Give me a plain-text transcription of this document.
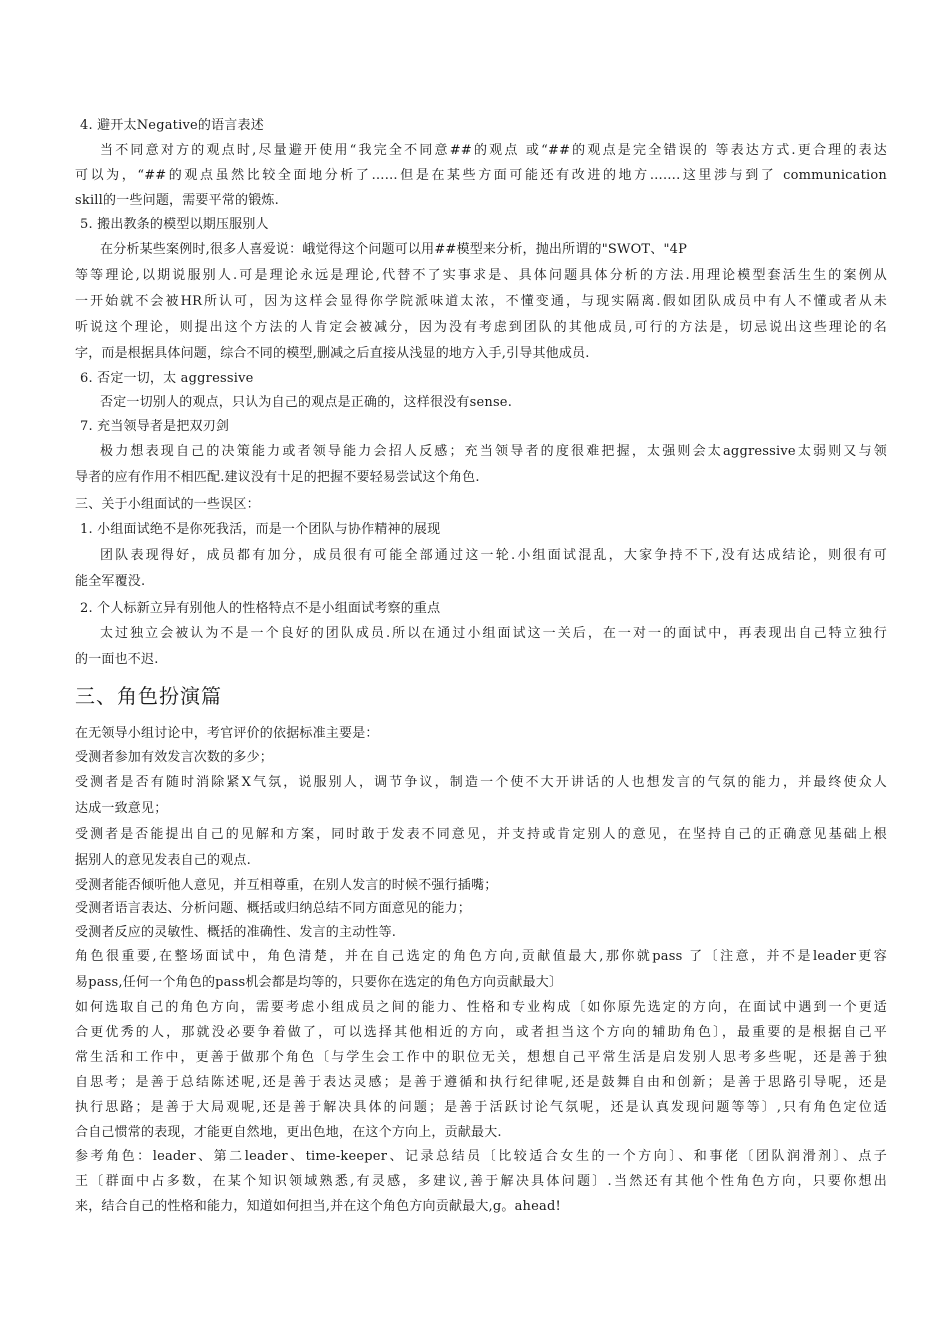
4. 避开太Negative的语言表述
当不同意对方的观点时,尽量避开使用“我完全不同意##的观点 或“##的观点是完全错误的 等表达方式.更合理的表达
可以为，“##的观点虽然比较全面地分析了……但是在某些方面可能还有改进的地方…….这里涉与到了 communication
skill的一些问题，需要平常的锻炼.
5. 搬出教条的模型以期压服别人
在分析某些案例时,很多人喜爱说：峨觉得这个问题可以用##模型来分析，抛出所谓的"SWOT、"4P
等等理论,以期说服别人.可是理论永远是理论,代替不了实事求是、具体问题具体分析的方法.用理论模型套活生生的案例从
一开始就不会被HR所认可，因为这样会显得你学院派味道太浓，不懂变通，与现实隔离.假如团队成员中有人不懂或者从未
听说这个理论，则提出这个方法的人肯定会被减分，因为没有考虑到团队的其他成员,可行的方法是，切忌说出这些理论的名
字，而是根据具体问题，综合不同的模型,删减之后直接从浅显的地方入手,引导其他成员.
6. 否定一切，太 aggressive
否定一切别人的观点，只认为自己的观点是正确的，这样很没有sense.
7. 充当领导者是把双刃剑
极力想表现自己的决策能力或者领导能力会招人反感；充当领导者的度很难把握，太强则会太aggressive太弱则又与领
导者的应有作用不相匹配.建议没有十足的把握不要轻易尝试这个角色.
三、关于小组面试的一些误区：
1. 小组面试绝不是你死我活，而是一个团队与协作精神的展现
团队表现得好，成员都有加分，成员很有可能全部通过这一轮.小组面试混乱，大家争持不下,没有达成结论，则很有可
能全军覆没.
2. 个人标新立异有别他人的性格特点不是小组面试考察的重点
太过独立会被认为不是一个良好的团队成员.所以在通过小组面试这一关后，在一对一的面试中，再表现出自己特立独行
的一面也不迟.
三、角色扮演篇
在无领导小组讨论中，考官评价的依据标准主要是：
受测者参加有效发言次数的多少；
受测者是否有随时消除紧X气氛，说服别人，调节争议，制造一个使不大开讲话的人也想发言的气氛的能力，并最终使众人
达成一致意见；
受测者是否能提出自己的见解和方案，同时敢于发表不同意见，并支持或肯定别人的意见，在坚持自己的正确意见基础上根
据别人的意见发表自己的观点.
受测者能否倾听他人意见，并互相尊重，在别人发言的时候不强行插嘴；
受测者语言表达、分析问题、概括或归纳总结不同方面意见的能力；
受测者反应的灵敏性、概括的准确性、发言的主动性等.
角色很重要,在整场面试中，角色清楚，并在自己选定的角色方向,贡献值最大,那你就pass 了〔注意，并不是leader更容
易pass,任何一个角色的pass机会都是均等的，只要你在选定的角色方向贡献最大〕
如何选取自己的角色方向，需要考虑小组成员之间的能力、性格和专业构成〔如你原先选定的方向，在面试中遇到一个更适
合更优秀的人，那就没必要争着做了，可以选择其他相近的方向，或者担当这个方向的辅助角色〕，最重要的是根据自己平
常生活和工作中，更善于做那个角色〔与学生会工作中的职位无关，想想自己平常生活是启发别人思考多些呢，还是善于独
自思考；是善于总结陈述呢,还是善于表达灵感；是善于遵循和执行纪律呢,还是鼓舞自由和创新；是善于思路引导呢，还是
执行思路；是善于大局观呢,还是善于解决具体的问题；是善于活跃讨论气氛呢，还是认真发现问题等等〕,只有角色定位适
合自己惯常的表现，才能更自然地，更出色地，在这个方向上，贡献最大.
参考角色：leader、第二leader、time-keeper、记录总结员〔比较适合女生的一个方向〕、和事佬〔团队润滑剂〕、点子
王〔群面中占多数，在某个知识领域熟悉,有灵感，多建议,善于解决具体问题〕.当然还有其他个性角色方向，只要你想出
来，结合自己的性格和能力，知道如何担当,并在这个角色方向贡献最大,g。ahead!
